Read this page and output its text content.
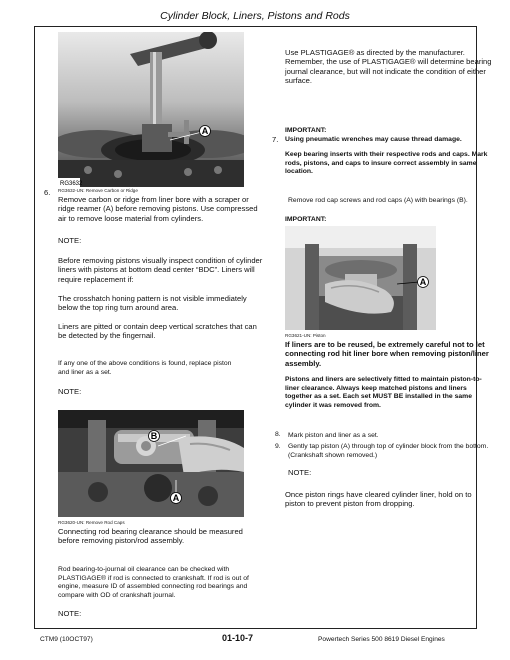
Cylinder Block, Liners, Pistons and Rods
A
RG3632
6. RG3632-UN: Remove Carbon or Ridge
Remove carbon or ridge from liner bore with a scraper or ridge reamer (A) before removing pistons. Use compressed air to remove loose material from cylinders.
NOTE:
Before removing pistons visually inspect condition of cylinder liners with pistons at bottom dead center “BDC”. Liners will require replacement if:
The crosshatch honing pattern is not visible immediately below the top ring turn around area.
Liners are pitted or contain deep vertical scratches that can be detected by the fingernail.
If any one of the above conditions is found, replace piston and liner as a set.
NOTE:
B
A
RG3620-UN: Remove Rod Caps
Connecting rod bearing clearance should be measured before removing piston/rod assembly.
Rod bearing-to-journal oil clearance can be checked with PLASTIGAGE® if rod is connected to crankshaft. If rod is out of engine, measure ID of assembled connecting rod bearings and compare with OD of crankshaft journal.
NOTE:
Use PLASTIGAGE® as directed by the manufacturer. Remember, the use of PLASTIGAGE® will determine bearing journal clearance, but will not indicate the condition of either surface.
IMPORTANT:
7. Using pneumatic wrenches may cause thread damage.
Keep bearing inserts with their respective rods and caps. Mark rods, pistons, and caps to insure correct assembly in same location.
Remove rod cap screws and rod caps (A) with bearings (B).
IMPORTANT:
A
RG3621-UN: Piston
If liners are to be reused, be extremely careful not to let connecting rod hit liner bore when removing piston/liner assembly.
Pistons and liners are selectively fitted to maintain piston-to-liner clearance. Always keep matched pistons and liners together as a set. Each set MUST BE installed in the same cylinder it was removed from.
8. Mark piston and liner as a set.
9. Gently tap piston (A) through top of cylinder block from the bottom. (Crankshaft shown removed.)
NOTE:
Once piston rings have cleared cylinder liner, hold on to piston to prevent piston from dropping.
CTM9 (10OCT97)	01-10-7	Powertech Series 500 8619 Diesel Engines
